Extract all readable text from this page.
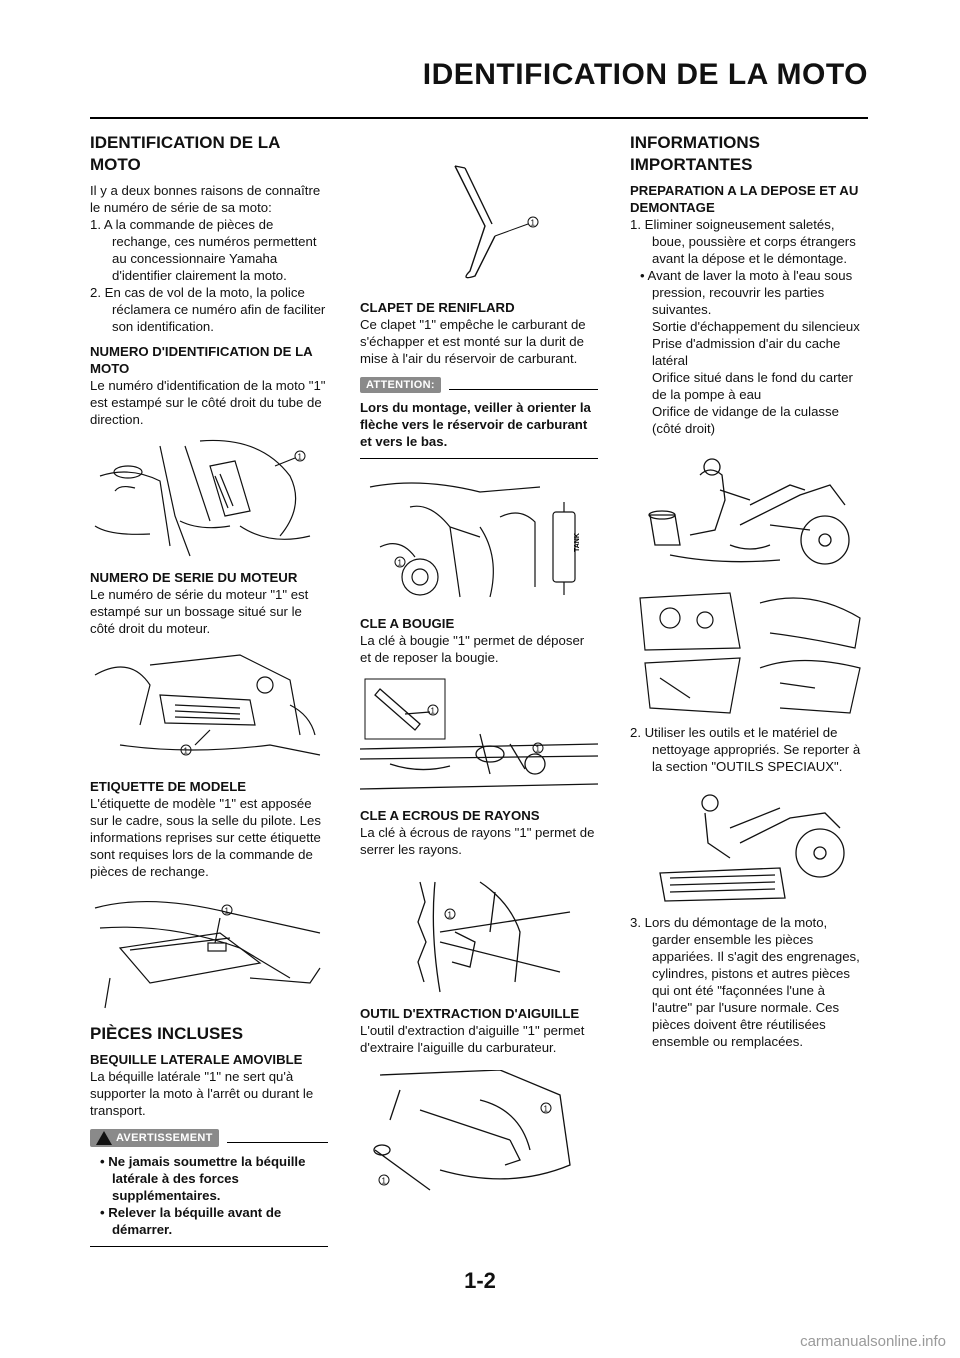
IDENTIFICATION DE LA MOTO
IDENTIFICATION DE LA MOTO

Il y a deux bonnes raisons de connaître le numéro de série de sa moto:

1. A la commande de pièces de rechange, ces numéros permettent au concessionnaire Yamaha d'identifier clairement la moto.
2. En cas de vol de la moto, la police réclamera ce numéro afin de faciliter son identification.
NUMERO D'IDENTIFICATION DE LA MOTO

Le numéro d'identification de la moto "1" est estampé sur le côté droit du tube de direction.

1
NUMERO DE SERIE DU MOTEUR

Le numéro de série du moteur "1" est estampé sur un bossage situé sur le côté droit du moteur.

1
ETIQUETTE DE MODELE

L'étiquette de modèle "1" est apposée sur le cadre, sous la selle du pilote. Les informations reprises sur cette étiquette sont requises lors de la commande de pièces de rechange.

1
PIÈCES INCLUSES
BEQUILLE LATERALE AMOVIBLE

La béquille latérale "1" ne sert qu'à supporter la moto à l'arrêt ou durant le transport.

AVERTISSEMENT
• Ne jamais soumettre la béquille latérale à des forces supplémentaires.
• Relever la béquille avant de démarrer.
1
CLAPET DE RENIFLARD

Ce clapet "1" empêche le carburant de s'échapper et est monté sur la durit de mise à l'air du réservoir de carburant.

ATTENTION:
Lors du montage, veiller à orienter la flèche vers le réservoir de carburant et vers le bas.
TANK
1
CLE A BOUGIE

La clé à bougie "1" permet de déposer et de reposer la bougie.

1
1
CLE A ECROUS DE RAYONS

La clé à écrous de rayons "1" permet de serrer les rayons.

1
OUTIL D'EXTRACTION D'AIGUILLE

L'outil d'extraction d'aiguille "1" permet d'extraire l'aiguille du carburateur.

1
1
INFORMATIONS IMPORTANTES
PREPARATION A LA DEPOSE ET AU DEMONTAGE
1. Eliminer soigneusement saletés, boue, poussière et corps étrangers avant la dépose et le démontage.
• Avant de laver la moto à l'eau sous pression, recouvrir les parties suivantes.
Sortie d'échappement du silencieux
Prise d'admission d'air du cache latéral
Orifice situé dans le fond du carter de la pompe à eau
Orifice de vidange de la culasse (côté droit)
2. Utiliser les outils et le matériel de nettoyage appropriés. Se reporter à la section "OUTILS SPECIAUX".
3. Lors du démontage de la moto, garder ensemble les pièces appariées. Il s'agit des engrenages, cylindres, pistons et autres pièces qui ont été "façonnées l'une à l'autre" par l'usure normale. Ces pièces doivent être réutilisées ensemble ou remplacées.
1-2
carmanualsonline.info
